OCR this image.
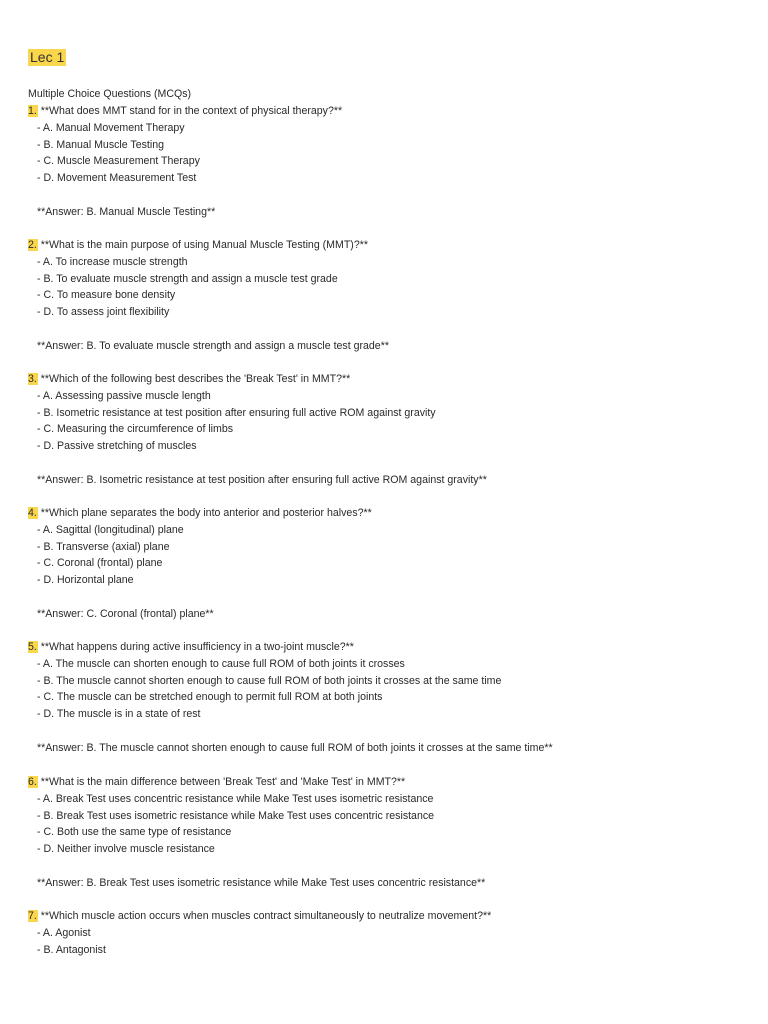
Lec 1
Multiple Choice Questions (MCQs)
1. **What does MMT stand for in the context of physical therapy?**
- A. Manual Movement Therapy
- B. Manual Muscle Testing
- C. Muscle Measurement Therapy
- D. Movement Measurement Test
**Answer: B. Manual Muscle Testing**
2. **What is the main purpose of using Manual Muscle Testing (MMT)?**
- A. To increase muscle strength
- B. To evaluate muscle strength and assign a muscle test grade
- C. To measure bone density
- D. To assess joint flexibility
**Answer: B. To evaluate muscle strength and assign a muscle test grade**
3. **Which of the following best describes the 'Break Test' in MMT?**
- A. Assessing passive muscle length
- B. Isometric resistance at test position after ensuring full active ROM against gravity
- C. Measuring the circumference of limbs
- D. Passive stretching of muscles
**Answer: B. Isometric resistance at test position after ensuring full active ROM against gravity**
4. **Which plane separates the body into anterior and posterior halves?**
- A. Sagittal (longitudinal) plane
- B. Transverse (axial) plane
- C. Coronal (frontal) plane
- D. Horizontal plane
**Answer: C. Coronal (frontal) plane**
5. **What happens during active insufficiency in a two-joint muscle?**
- A. The muscle can shorten enough to cause full ROM of both joints it crosses
- B. The muscle cannot shorten enough to cause full ROM of both joints it crosses at the same time
- C. The muscle can be stretched enough to permit full ROM at both joints
- D. The muscle is in a state of rest
**Answer: B. The muscle cannot shorten enough to cause full ROM of both joints it crosses at the same time**
6. **What is the main difference between 'Break Test' and 'Make Test' in MMT?**
- A. Break Test uses concentric resistance while Make Test uses isometric resistance
- B. Break Test uses isometric resistance while Make Test uses concentric resistance
- C. Both use the same type of resistance
- D. Neither involve muscle resistance
**Answer: B. Break Test uses isometric resistance while Make Test uses concentric resistance**
7. **Which muscle action occurs when muscles contract simultaneously to neutralize movement?**
- A. Agonist
- B. Antagonist
